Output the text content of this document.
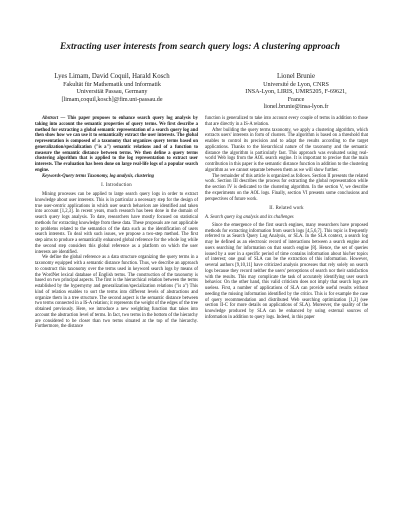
Extracting user interests from search query logs: A clustering approach
Lyes Limam, David Coquil, Harald Kosch
Fakultät für Mathematik und Informatik
Universität Passau, Germany
[limam,coquil,kosch]@fim.uni-passau.de
Lionel Brunie
Université de Lyon, CNRS
INSA-Lyon, LIRIS, UMR5205, F-69621, France
lionel.brunie@insa-lyon.fr

Abstract — This paper proposes to enhance search query log analysis by taking into account the semantic properties of query terms. We first describe a method for extracting a global semantic representation of a search query log and then show how we can use it to semantically extract the user interests. The global representation is composed of a taxonomy that organizes query terms based on generalization/specialization ("is a") semantic relations and of a function to measure the semantic distance between terms. We then define a query terms clustering algorithm that is applied to the log representation to extract user interests. The evaluation has been done on large real-life logs of a popular search engine.

Keywords-Query terms Taxonomy, log analysis, clustering

I. Introduction

Mining processes can be applied to large search query logs in order to extract knowledge about user interests. This is in particular a necessary step for the design of true user-centric applications in which user search behaviors are identified and taken into account [1,2,3]. In recent years, much research has been done in the domain of search query logs analysis. To date, researchers have mostly focused on statistical methods for extracting knowledge from these data. These proposals are not applicable to problems related to the semantics of the data such as the identification of users search interests. To deal with such issues, we propose a two-step method. The first step aims to produce a semantically enhanced global reference for the whole log while the second step considers this global reference as a platform on which the user interests are identified.

We define the global reference as a data structure organizing the query terms in a taxonomy equipped with a semantic distance function. Thus, we describe an approach to construct this taxonomy over the terms used in keyword search logs by means of the WordNet lexical database of English terms. The construction of the taxonomy is based on two principal aspects. The first is the hierarchical relation between the terms established by the hypernymy and generalization/specialization relations ("is a") This kind of relation enables to sort the terms into different levels of abstractions and organize them in a tree structure. The second aspect is the semantic distance between two terms connected in a IS-A relation; it represents the weight of the edges of the tree obtained previously. Here, we introduce a new weighting function that takes into account the abstraction level of terms. In fact, two terms in the bottom of the hierarchy are considered to be closer than two terms situated at the top of the hierarchy. Furthermore, the distance

function is generalized to take into account every couple of terms in addition to those that are directly in a IS-A relation.

After building the query terms taxonomy, we apply a clustering algorithm, which extracts users' interests in form of clusters. The algorithm is based on a threshold that enables to control its precision and to adapt the results according to the target applications. Thanks to the hierarchical nature of the taxonomy and the semantic distance the algorithm is particularly fast. This approach was evaluated using real-world Web logs from the AOL search engine. It is important to precise that the main contribution in this paper is the semantic distance function in addition to the clustering algorithm as we cannot separate between them as we will show further.

The remainder of this article is organized as follows. Section II presents the related work. Section III describes the process for extracting the global representation while the section IV is dedicated to the clustering algorithm. In the section V, we describe the experiments on the AOL logs. Finally, section VI presents some conclusions and perspectives of future work.

II. Related work
A. Search query log analysis and its challenges

Since the emergence of the first search engines, many researchers have proposed methods for extracting information from search logs [4,5,6,7]. This topic is frequently referred to as Search Query Log Analysis, or SLA. In the SLA context, a search log may be defined as an electronic record of interactions between a search engine and users searching for information on that search engine [8]. Hence, the set of queries issued by a user in a specific period of time contains information about his/her topics of interest; one goal of SLA can be the extraction of this information. However, several authors [9,10,11] have criticized analysis processes that rely solely on search logs because they record neither the users' perceptions of search nor their satisfaction with the results. This may complicate the task of accurately identifying user search behavior. On the other hand, this valid criticism does not imply that search logs are useless. First, a number of applications of SLA can provide useful results without needing the missing information identified by the critics. This is for example the case of query recommendation and distributed Web searching optimization [1,3] (see section II-C for more details on applications of SLA). Moreover, the quality of the knowledge produced by SLA can be enhanced by using external sources of information in addition to query logs. Indeed, in this paper
